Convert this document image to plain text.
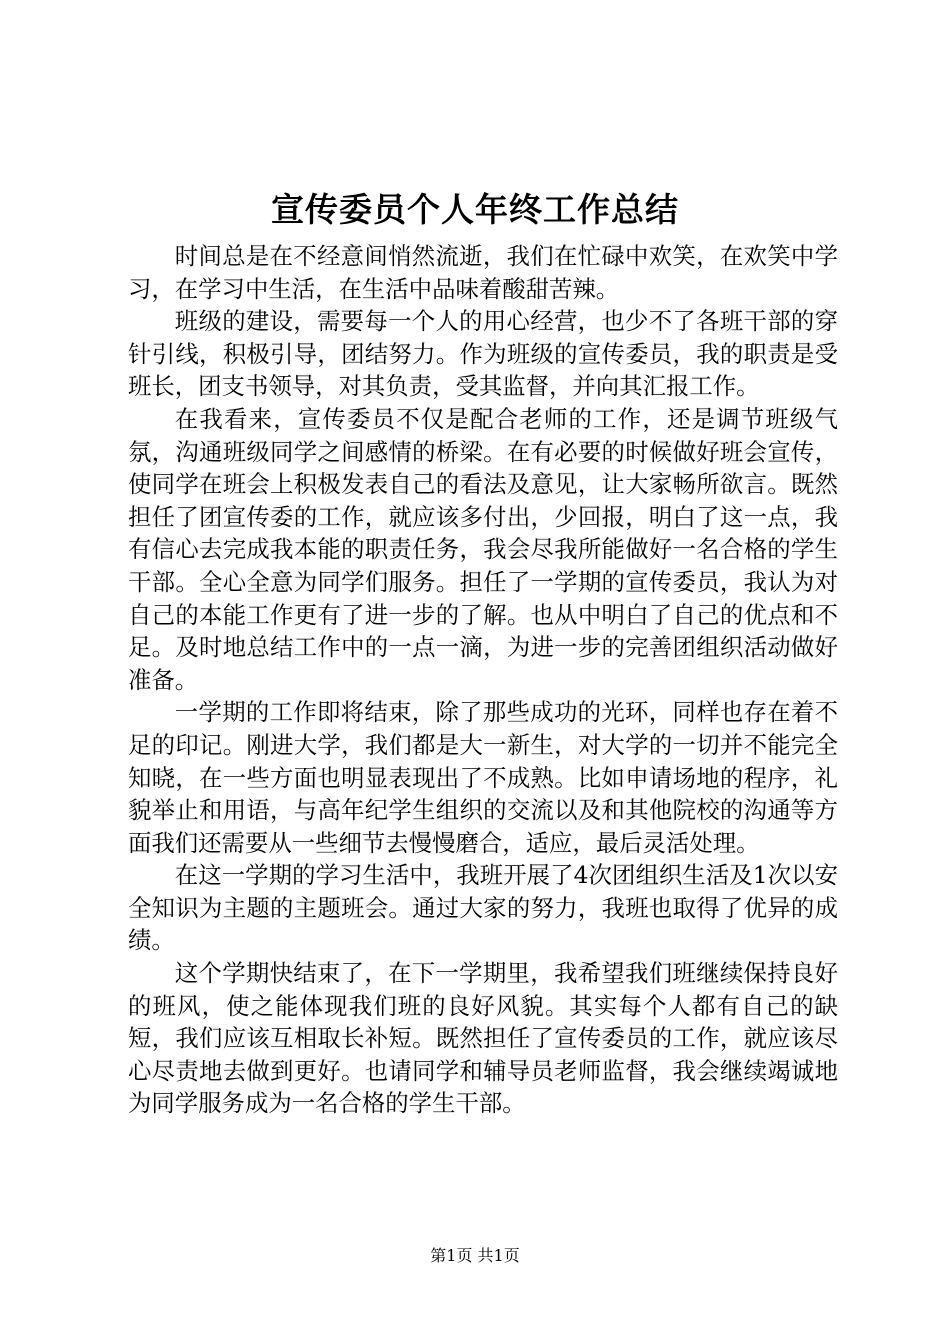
宣传委员个人年终工作总结

时间总是在不经意间悄然流逝，我们在忙碌中欢笑，在欢笑中学习，在学习中生活，在生活中品味着酸甜苦辣。

班级的建设，需要每一个人的用心经营，也少不了各班干部的穿针引线，积极引导，团结努力。作为班级的宣传委员，我的职责是受班长，团支书领导，对其负责，受其监督，并向其汇报工作。

在我看来，宣传委员不仅是配合老师的工作，还是调节班级气氛，沟通班级同学之间感情的桥梁。在有必要的时候做好班会宣传，使同学在班会上积极发表自己的看法及意见，让大家畅所欲言。既然担任了团宣传委的工作，就应该多付出，少回报，明白了这一点，我有信心去完成我本能的职责任务，我会尽我所能做好一名合格的学生干部。全心全意为同学们服务。担任了一学期的宣传委员，我认为对自己的本能工作更有了进一步的了解。也从中明白了自己的优点和不足。及时地总结工作中的一点一滴，为进一步的完善团组织活动做好准备。

一学期的工作即将结束，除了那些成功的光环，同样也存在着不足的印记。刚进大学，我们都是大一新生，对大学的一切并不能完全知晓，在一些方面也明显表现出了不成熟。比如申请场地的程序，礼貌举止和用语，与高年纪学生组织的交流以及和其他院校的沟通等方面我们还需要从一些细节去慢慢磨合，适应，最后灵活处理。

在这一学期的学习生活中，我班开展了4次团组织生活及1次以安全知识为主题的主题班会。通过大家的努力，我班也取得了优异的成绩。

这个学期快结束了，在下一学期里，我希望我们班继续保持良好的班风，使之能体现我们班的良好风貌。其实每个人都有自己的缺短，我们应该互相取长补短。既然担任了宣传委员的工作，就应该尽心尽责地去做到更好。也请同学和辅导员老师监督，我会继续竭诚地为同学服务成为一名合格的学生干部。

第1页 共1页
